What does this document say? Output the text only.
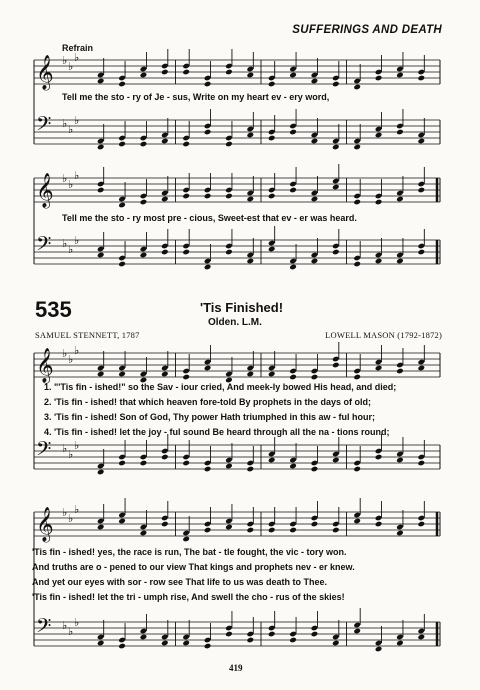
SUFFERINGS AND DEATH
Refrain
𝄞 ♭ ♭
♭
𝄢 ♭ ♭
♭
Tell me the sto - ry of Je - sus, Write on my heart ev - ery word,
𝄞 ♭ ♭
♭
𝄢 ♭ ♭
♭
Tell me the sto - ry most pre - cious, Sweet-est that ev - er was heard.
535	'Tis Finished!
Olden. L.M.
SAMUEL STENNETT, 1787	LOWELL MASON (1792-1872)
𝄞 ♭ ♭
♭
𝄢 ♭ ♭
♭
1. "'Tis fin - ished!" so the Sav - iour cried, And meek-ly bowed His head, and died;
2. 'Tis fin - ished! that which heaven fore-told By prophets in the days of old;
3. 'Tis fin - ished! Son of God, Thy power Hath triumphed in this aw - ful hour;
4. 'Tis fin - ished! let the joy - ful sound Be heard through all the na - tions round;
𝄞 ♭ ♭
♭
𝄢 ♭ ♭
♭
'Tis fin - ished! yes, the race is run, The bat - tle fought, the vic - tory won.
And truths are o - pened to our view That kings and prophets nev - er knew.
And yet our eyes with sor - row see That life to us was death to Thee.
'Tis fin - ished! let the tri - umph rise, And swell the cho - rus of the skies!
419
